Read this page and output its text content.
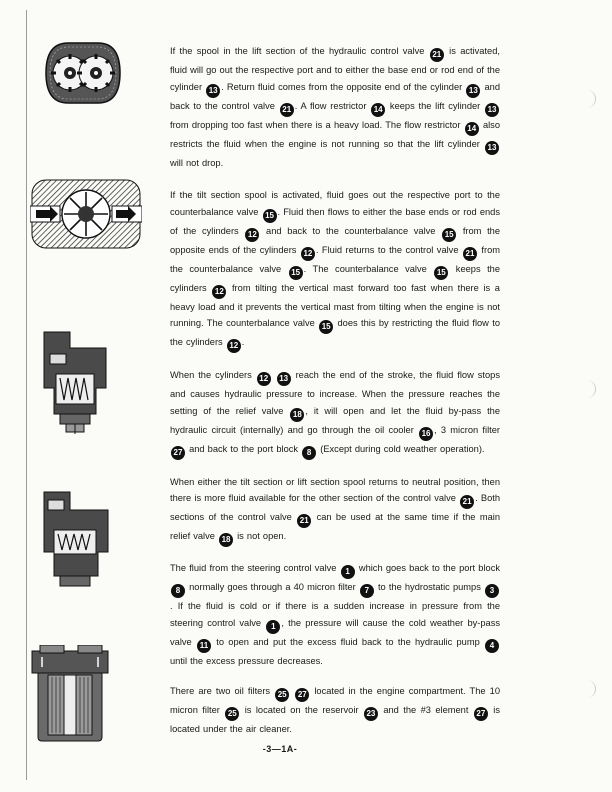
If the spool in the lift section of the hydraulic control valve 21 is activated, fluid will go out the respective port and to either the base end or rod end of the cylinder 13 . Return fluid comes from the opposite end of the cylinder 13 and back to the control valve 21 . A flow restrictor 14 keeps the lift cylinder 13 from dropping too fast when there is a heavy load. The flow restrictor 14 also restricts the fluid when the engine is not running so that the lift cylinder 13 will not drop.

If the tilt section spool is activated, fluid goes out the respective port to the counterbalance valve 15 . Fluid then flows to either the base ends or rod ends of the cylinders 12 and back to the counterbalance valve 15 from the opposite ends of the cylinders 12 . Fluid returns to the control valve 21 from the counterbalance valve 15 . The counterbalance valve 15 keeps the cylinders 12 from tilting the vertical mast forward too fast when there is a heavy load and it prevents the vertical mast from tilting when the engine is not running. The counterbalance valve 15 does this by restricting the fluid flow to the cylinders 12 .

When the cylinders 12 13 reach the end of the stroke, the fluid flow stops and causes hydraulic pressure to increase. When the pressure reaches the setting of the relief valve 18 , it will open and let the fluid by-pass the hydraulic circuit (internally) and go through the oil cooler 16 , 3 micron filter 27 and back to the port block 8 (Except during cold weather operation).

When either the tilt section or lift section spool returns to neutral position, then there is more fluid available for the other section of the control valve 21 . Both sections of the control valve 21 can be used at the same time if the main relief valve 18 is not open.

The fluid from the steering control valve 1 which goes back to the port block 8 normally goes through a 40 micron filter 7 to the hydrostatic pumps 3. If the fluid is cold or if there is a sudden increase in pressure from the steering control valve 1 , the pressure will cause the cold weather by-pass valve 11 to open and put the excess fluid back to the hydraulic pump 4 until the excess pressure decreases.

There are two oil filters 25 27 located in the engine compartment. The 10 micron filter 25 is located on the reservoir 23 and the #3 element 27 is located under the air cleaner.

-3—1A-
